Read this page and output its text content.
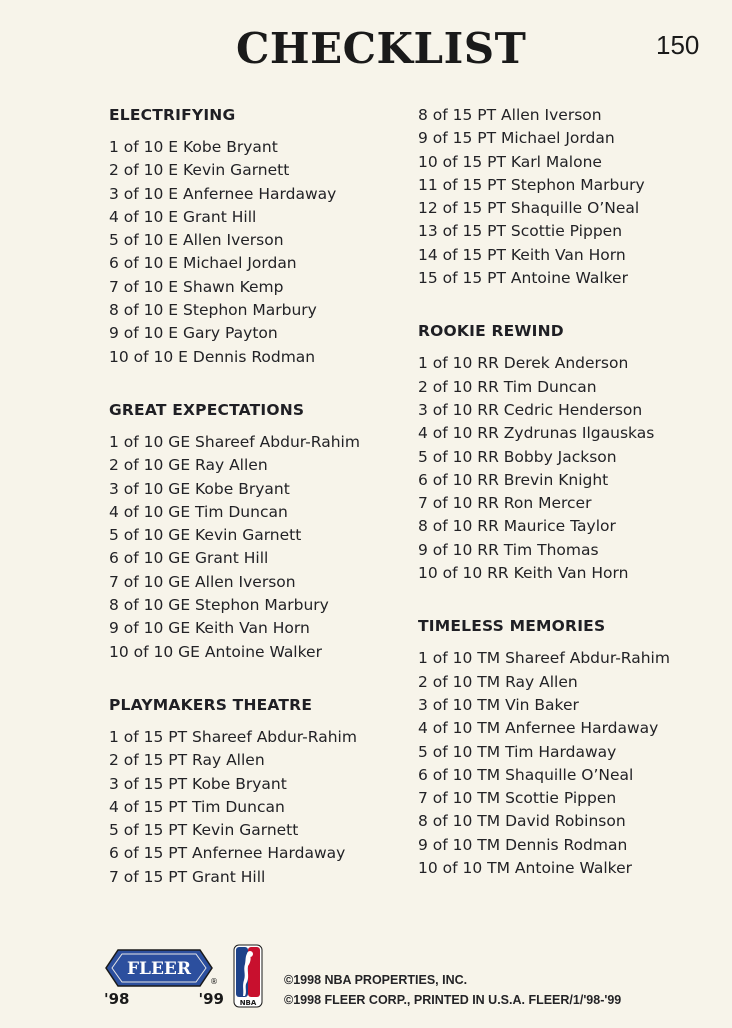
CHECKLIST	150
ELECTRIFYING
1 of 10 E Kobe Bryant
2 of 10 E Kevin Garnett
3 of 10 E Anfernee Hardaway
4 of 10 E Grant Hill
5 of 10 E Allen Iverson
6 of 10 E Michael Jordan
7 of 10 E Shawn Kemp
8 of 10 E Stephon Marbury
9 of 10 E Gary Payton
10 of 10 E Dennis Rodman
GREAT EXPECTATIONS
1 of 10 GE Shareef Abdur-Rahim
2 of 10 GE Ray Allen
3 of 10 GE Kobe Bryant
4 of 10 GE Tim Duncan
5 of 10 GE Kevin Garnett
6 of 10 GE Grant Hill
7 of 10 GE Allen Iverson
8 of 10 GE Stephon Marbury
9 of 10 GE Keith Van Horn
10 of 10 GE Antoine Walker
PLAYMAKERS THEATRE
1 of 15 PT Shareef Abdur-Rahim
2 of 15 PT Ray Allen
3 of 15 PT Kobe Bryant
4 of 15 PT Tim Duncan
5 of 15 PT Kevin Garnett
6 of 15 PT Anfernee Hardaway
7 of 15 PT Grant Hill
8 of 15 PT Allen Iverson
9 of 15 PT Michael Jordan
10 of 15 PT Karl Malone
11 of 15 PT Stephon Marbury
12 of 15 PT Shaquille O’Neal
13 of 15 PT Scottie Pippen
14 of 15 PT Keith Van Horn
15 of 15 PT Antoine Walker
ROOKIE REWIND
1 of 10 RR Derek Anderson
2 of 10 RR Tim Duncan
3 of 10 RR Cedric Henderson
4 of 10 RR Zydrunas Ilgauskas
5 of 10 RR Bobby Jackson
6 of 10 RR Brevin Knight
7 of 10 RR Ron Mercer
8 of 10 RR Maurice Taylor
9 of 10 RR Tim Thomas
10 of 10 RR Keith Van Horn
TIMELESS MEMORIES
1 of 10 TM Shareef Abdur-Rahim
2 of 10 TM Ray Allen
3 of 10 TM Vin Baker
4 of 10 TM Anfernee Hardaway
5 of 10 TM Tim Hardaway
6 of 10 TM Shaquille O’Neal
7 of 10 TM Scottie Pippen
8 of 10 TM David Robinson
9 of 10 TM Dennis Rodman
10 of 10 TM Antoine Walker
FLEER
®
'98	'99 NBA
©1998 NBA PROPERTIES, INC.
©1998 FLEER CORP., PRINTED IN U.S.A. FLEER/1/'98-'99
